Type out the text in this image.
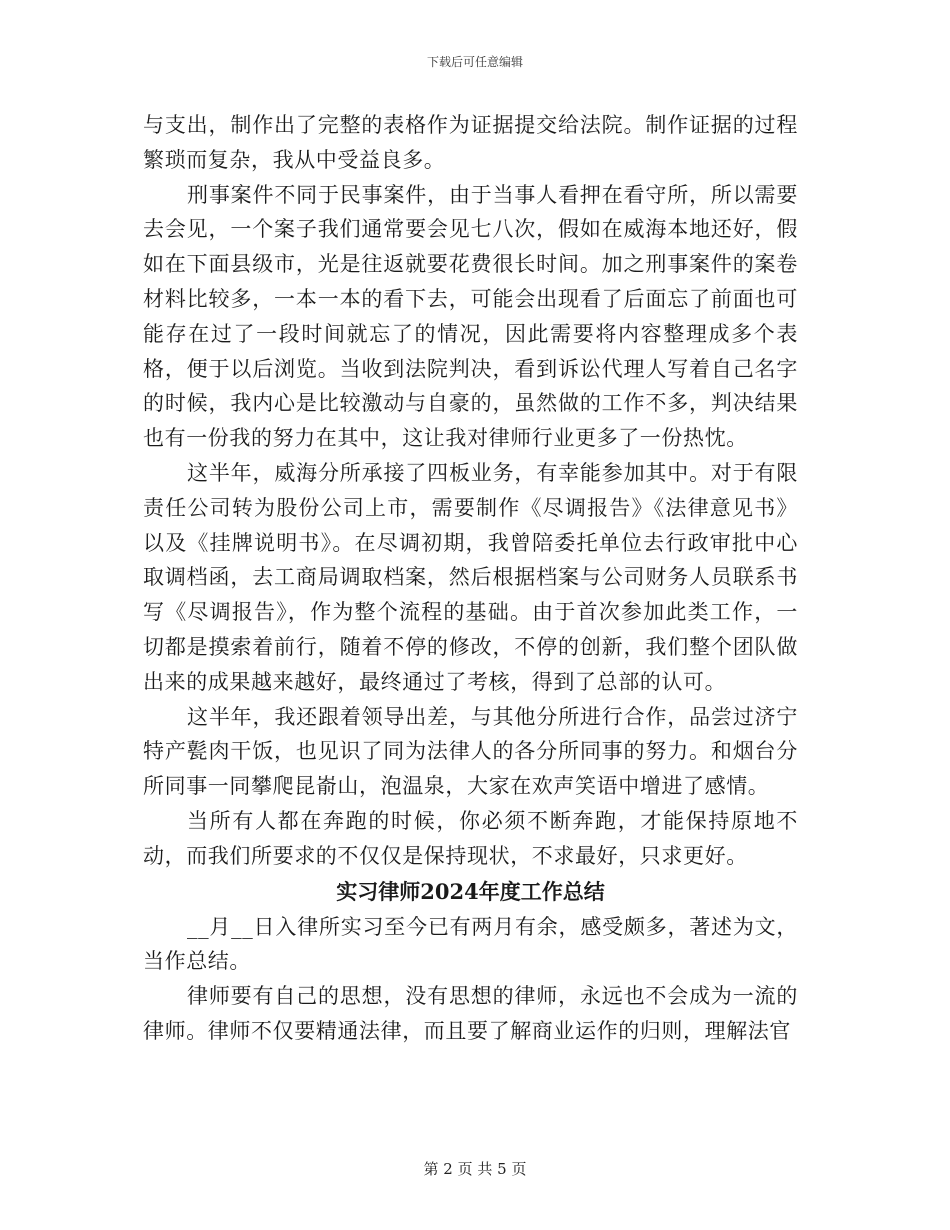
下载后可任意编辑

与支出，制作出了完整的表格作为证据提交给法院。制作证据的过程繁琐而复杂，我从中受益良多。

刑事案件不同于民事案件，由于当事人看押在看守所，所以需要去会见，一个案子我们通常要会见七八次，假如在威海本地还好，假如在下面县级市，光是往返就要花费很长时间。加之刑事案件的案卷材料比较多，一本一本的看下去，可能会出现看了后面忘了前面也可能存在过了一段时间就忘了的情况，因此需要将内容整理成多个表格，便于以后浏览。当收到法院判决，看到诉讼代理人写着自己名字的时候，我内心是比较激动与自豪的，虽然做的工作不多，判决结果也有一份我的努力在其中，这让我对律师行业更多了一份热忱。

这半年，威海分所承接了四板业务，有幸能参加其中。对于有限责任公司转为股份公司上市，需要制作《尽调报告》《法律意见书》以及《挂牌说明书》。在尽调初期，我曾陪委托单位去行政审批中心取调档函，去工商局调取档案，然后根据档案与公司财务人员联系书写《尽调报告》，作为整个流程的基础。由于首次参加此类工作，一切都是摸索着前行，随着不停的修改，不停的创新，我们整个团队做出来的成果越来越好，最终通过了考核，得到了总部的认可。

这半年，我还跟着领导出差，与其他分所进行合作，品尝过济宁特产甏肉干饭，也见识了同为法律人的各分所同事的努力。和烟台分所同事一同攀爬昆嵛山，泡温泉，大家在欢声笑语中增进了感情。

当所有人都在奔跑的时候，你必须不断奔跑，才能保持原地不动，而我们所要求的不仅仅是保持现状，不求最好，只求更好。

实习律师2024年度工作总结

__月__日入律所实习至今已有两月有余，感受颇多，著述为文，当作总结。

律师要有自己的思想，没有思想的律师，永远也不会成为一流的律师。律师不仅要精通法律，而且要了解商业运作的归则，理解法官

第 2 页 共 5 页
